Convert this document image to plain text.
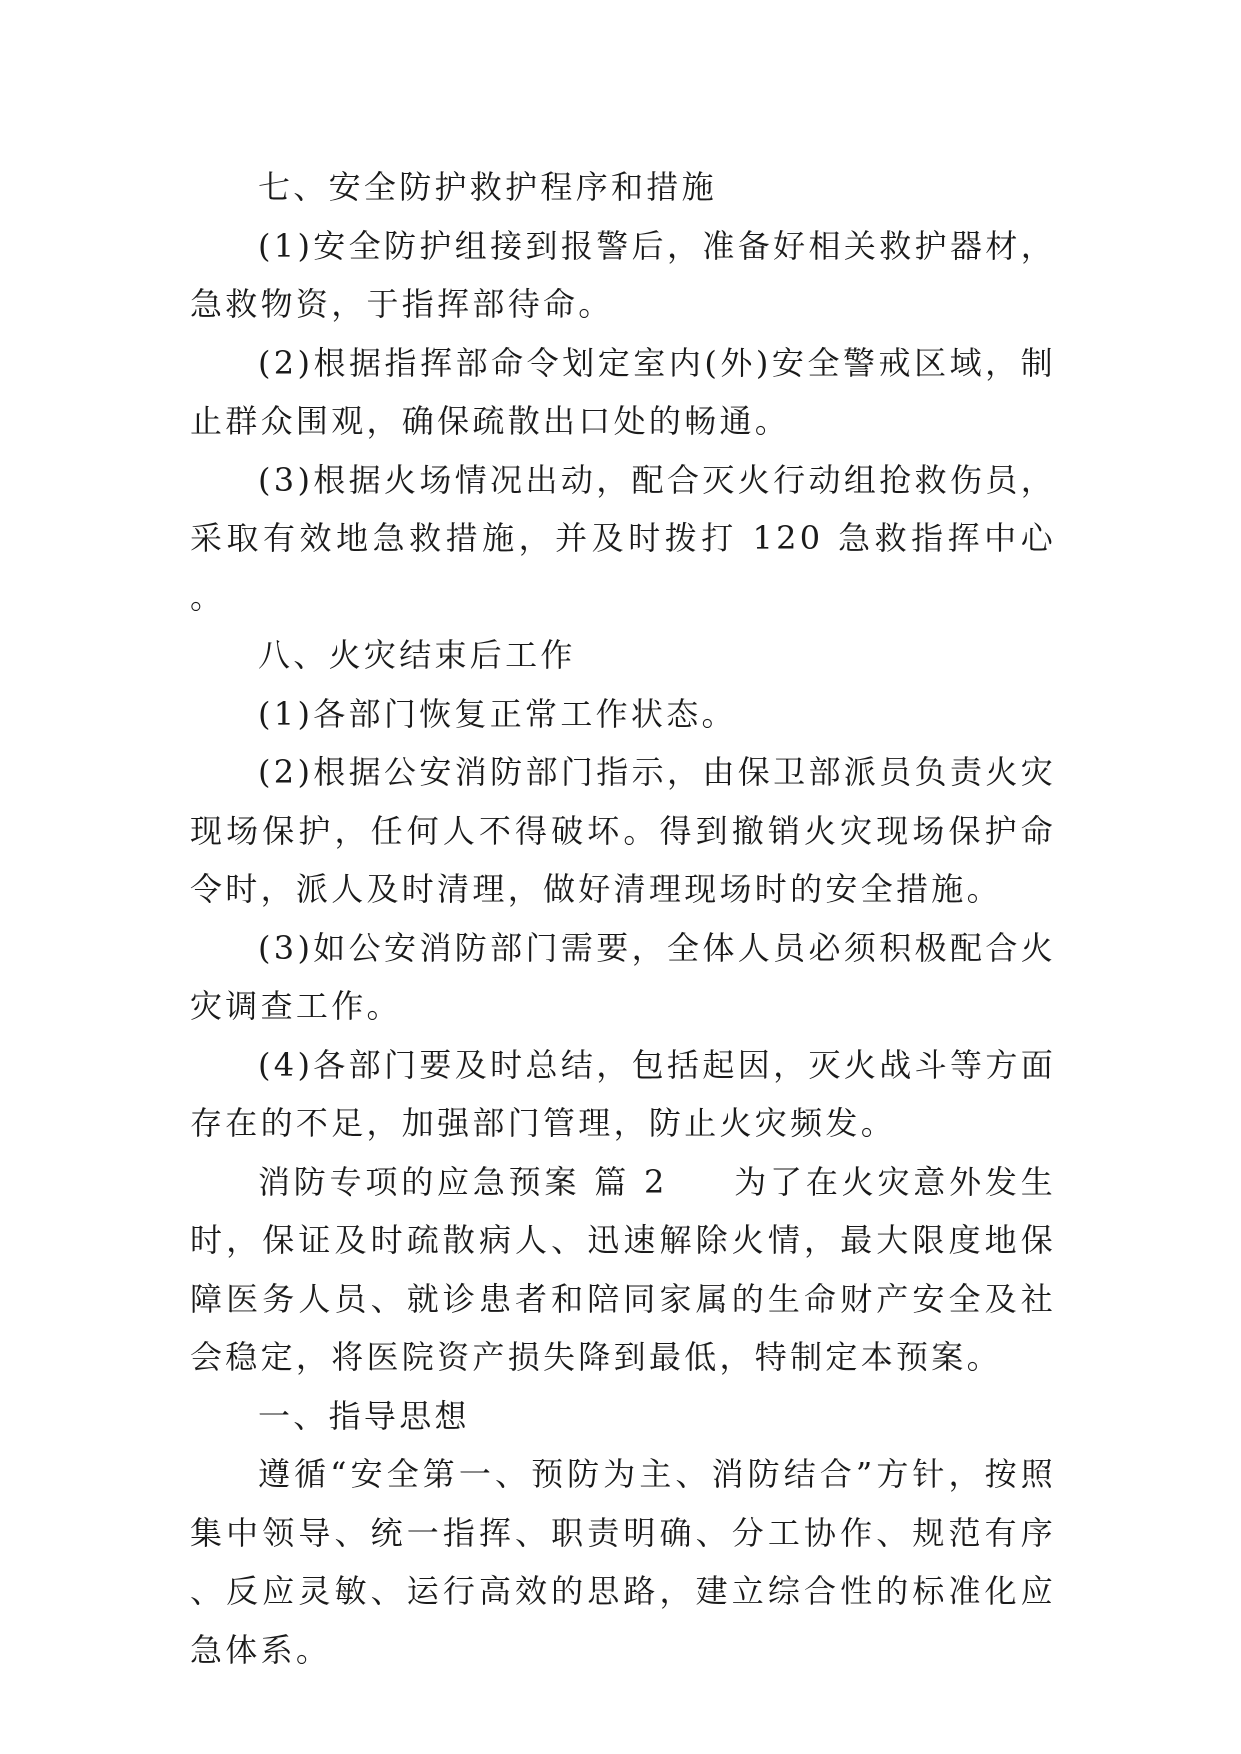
七、安全防护救护程序和措施

(1)安全防护组接到报警后，准备好相关救护器材，急救物资，于指挥部待命。

(2)根据指挥部命令划定室内(外)安全警戒区域，制止群众围观，确保疏散出口处的畅通。

(3)根据火场情况出动，配合灭火行动组抢救伤员，采取有效地急救措施，并及时拨打 120 急救指挥中心。

八、火灾结束后工作

(1)各部门恢复正常工作状态。

(2)根据公安消防部门指示，由保卫部派员负责火灾现场保护，任何人不得破坏。得到撤销火灾现场保护命令时，派人及时清理，做好清理现场时的安全措施。

(3)如公安消防部门需要，全体人员必须积极配合火灾调查工作。

(4)各部门要及时总结，包括起因，灭火战斗等方面存在的不足，加强部门管理，防止火灾频发。

消防专项的应急预案 篇 2 为了在火灾意外发生时，保证及时疏散病人、迅速解除火情，最大限度地保障医务人员、就诊患者和陪同家属的生命财产安全及社会稳定，将医院资产损失降到最低，特制定本预案。

一、指导思想

遵循“安全第一、预防为主、消防结合”方针，按照集中领导、统一指挥、职责明确、分工协作、规范有序、反应灵敏、运行高效的思路，建立综合性的标准化应急体系。
